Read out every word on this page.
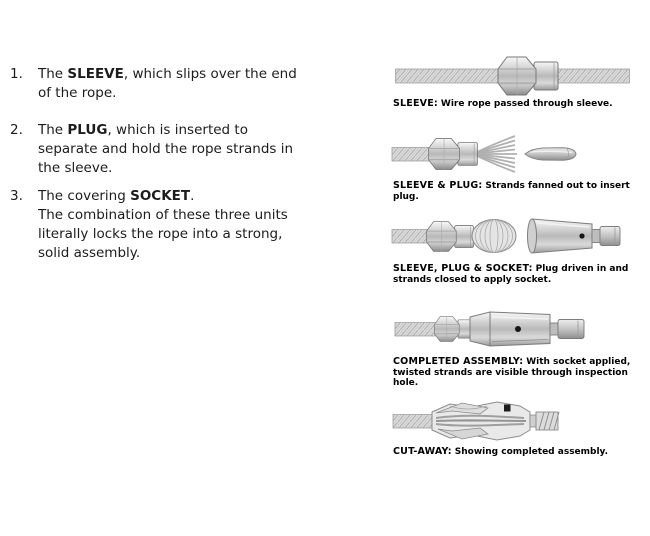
1.	The SLEEVE, which slips over the end
of the rope.
2.	The PLUG, which is inserted to
separate and hold the rope strands in
the sleeve.
3.	The covering SOCKET.
The combination of these three units
literally locks the rope into a strong,
solid assembly.
SLEEVE: Wire rope passed through sleeve.
SLEEVE & PLUG: Strands fanned out to insert plug.
SLEEVE, PLUG & SOCKET: Plug driven in and strands closed to apply socket.
COMPLETED ASSEMBLY: With socket applied, twisted strands are visible through inspection hole.
CUT-AWAY: Showing completed assembly.
